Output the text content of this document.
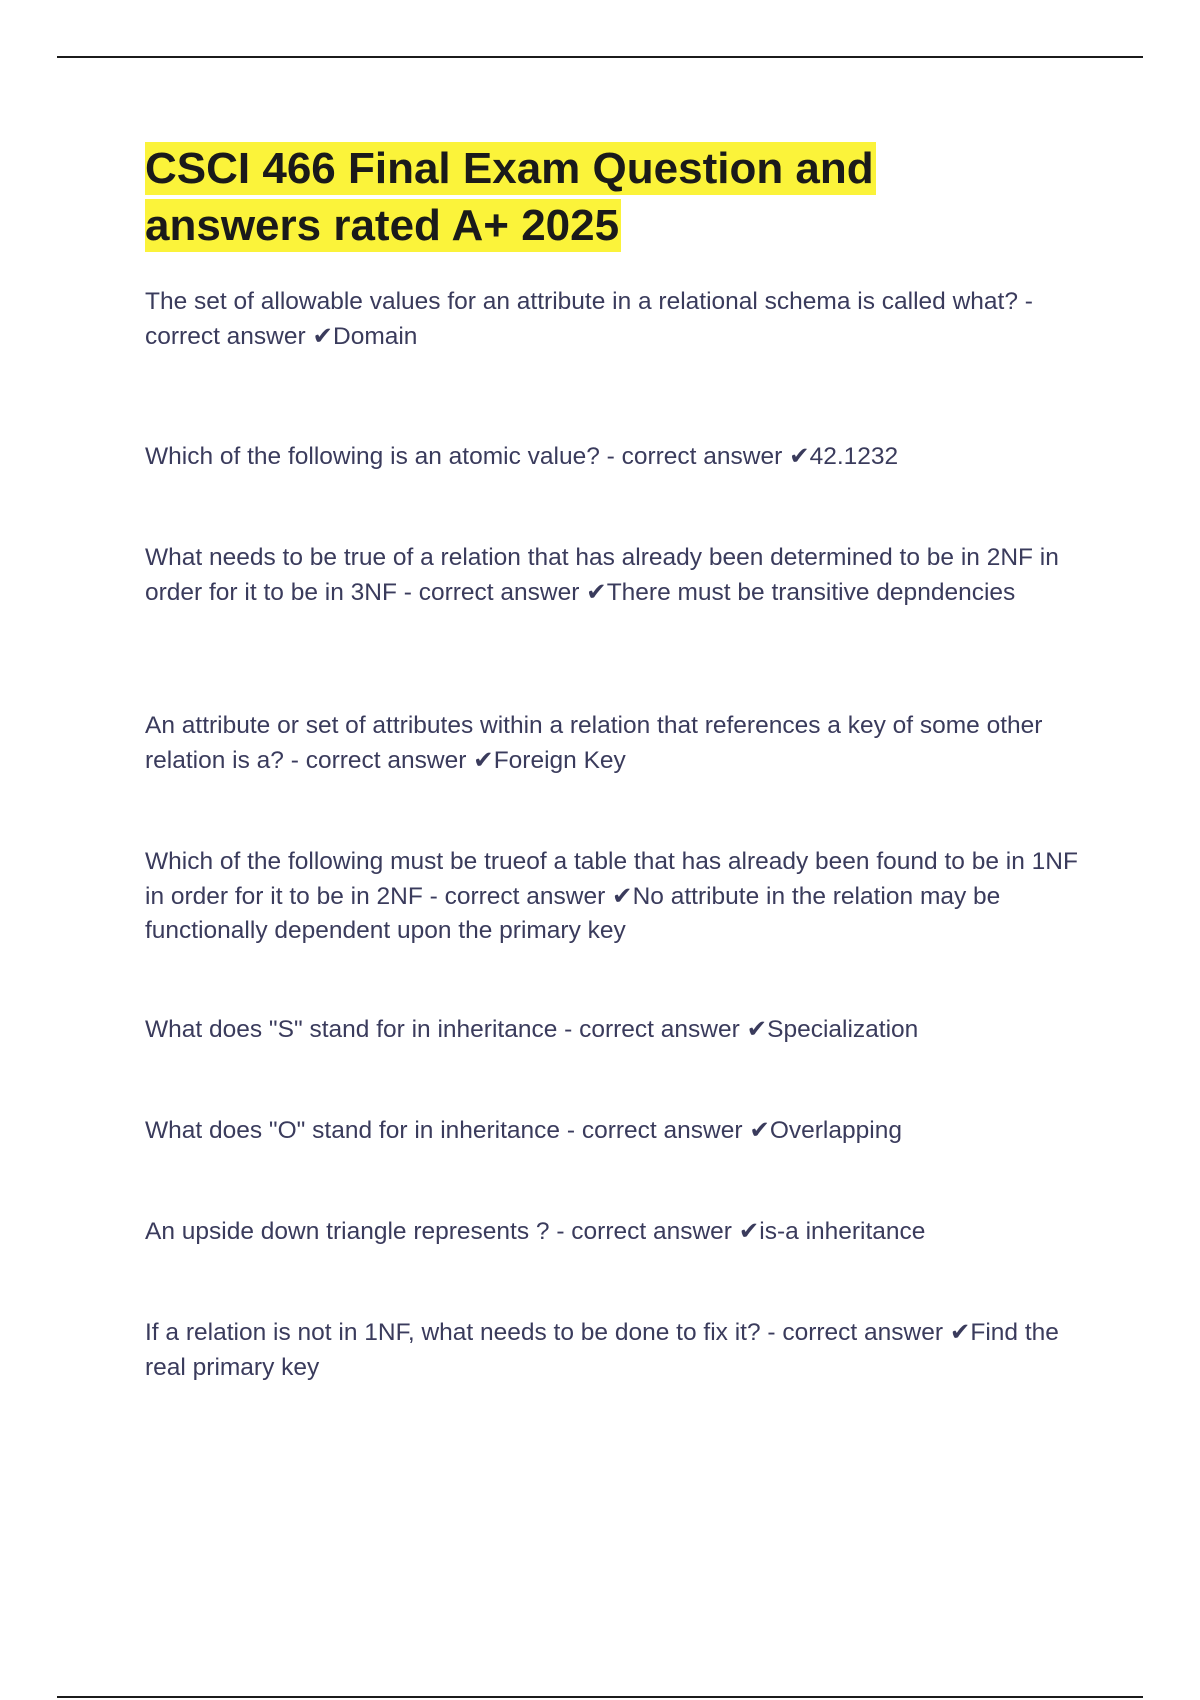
CSCI 466 Final Exam Question and answers rated A+ 2025

The set of allowable values for an attribute in a relational schema is called what? - correct answer ✔Domain

Which of the following is an atomic value? - correct answer ✔42.1232

What needs to be true of a relation that has already been determined to be in 2NF in order for it to be in 3NF - correct answer ✔There must be transitive depndencies

An attribute or set of attributes within a relation that references a key of some other relation is a? - correct answer ✔Foreign Key

Which of the following must be trueof a table that has already been found to be in 1NF in order for it to be in 2NF - correct answer ✔No attribute in the relation may be functionally dependent upon the primary key

What does "S" stand for in inheritance - correct answer ✔Specialization

What does "O" stand for in inheritance - correct answer ✔Overlapping

An upside down triangle represents ? - correct answer ✔is-a inheritance

If a relation is not in 1NF, what needs to be done to fix it? - correct answer ✔Find the real primary key
